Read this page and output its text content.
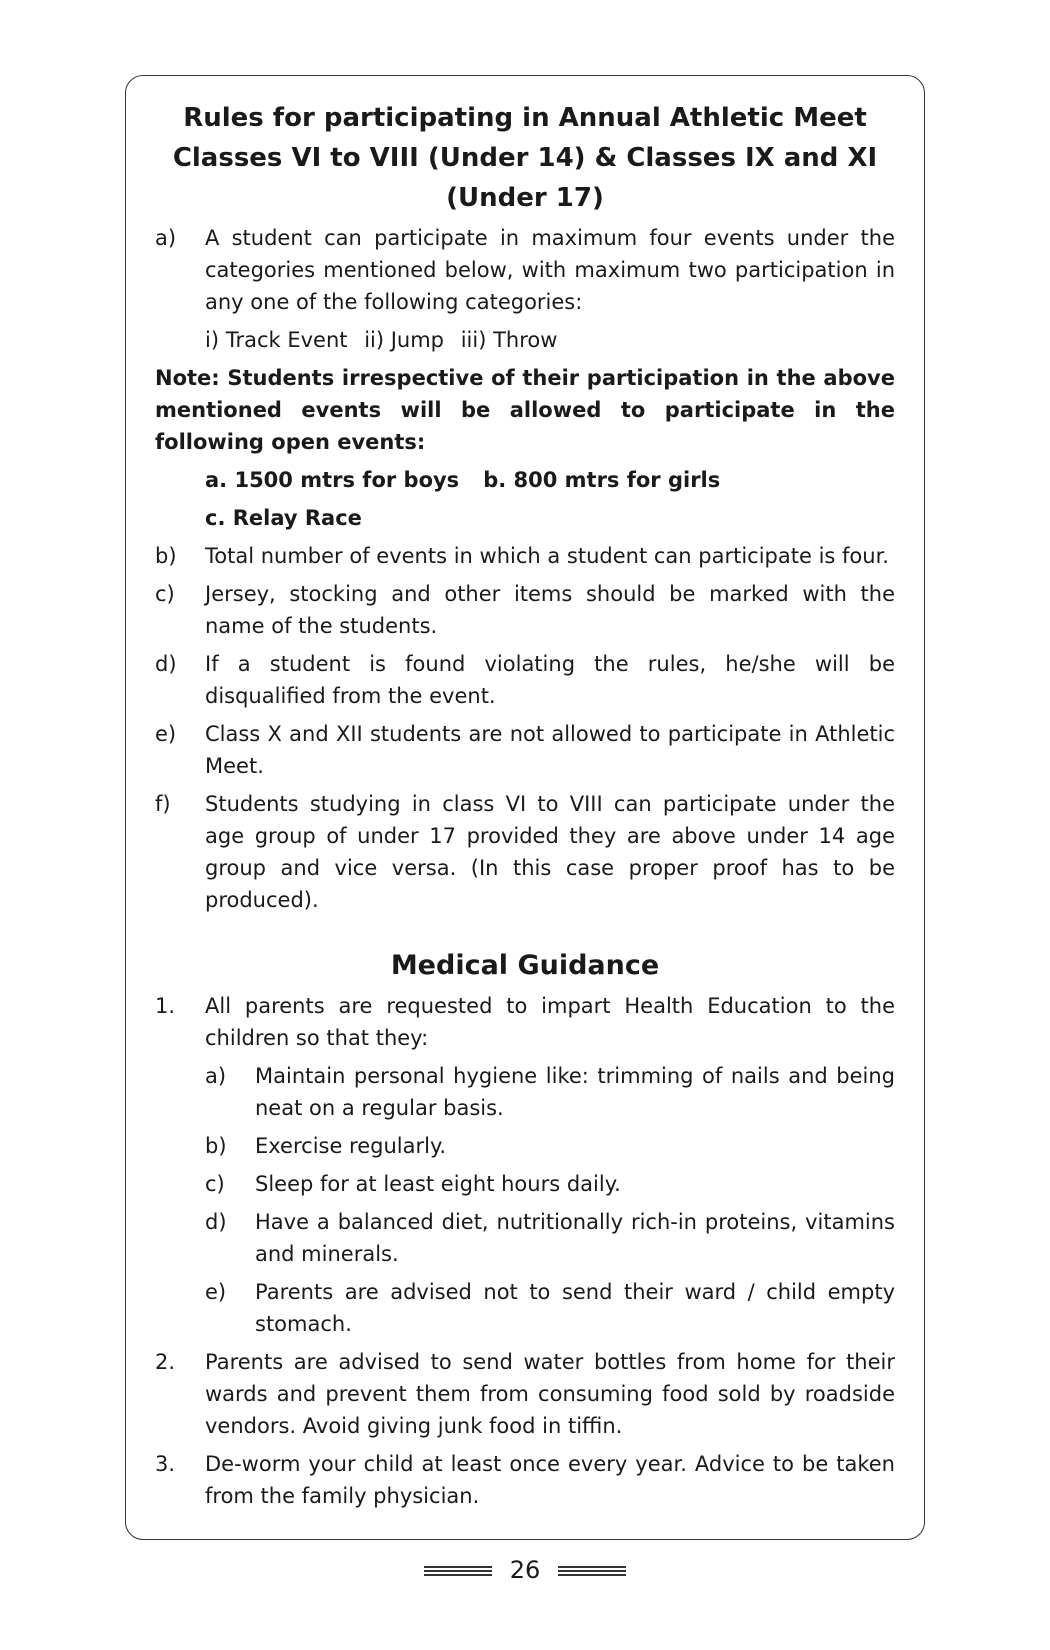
Rules for participating in Annual Athletic Meet
Classes VI to VIII (Under 14) & Classes IX and XI
(Under 17)
a)	A student can participate in maximum four events under the categories mentioned below, with maximum two participation in any one of the following categories:
i) Track Event ii) Jump iii) Throw
Note: Students irrespective of their participation in the above mentioned events will be allowed to participate in the following open events:
a. 1500 mtrs for boys b. 800 mtrs for girls
c. Relay Race
b)	Total number of events in which a student can participate is four.
c)	Jersey, stocking and other items should be marked with the name of the students.
d)	If a student is found violating the rules, he/she will be disqualified from the event.
e)	Class X and XII students are not allowed to participate in Athletic Meet.
f)	Students studying in class VI to VIII can participate under the age group of under 17 provided they are above under 14 age group and vice versa. (In this case proper proof has to be produced).
Medical Guidance
1.	All parents are requested to impart Health Education to the children so that they:
a)	Maintain personal hygiene like: trimming of nails and being neat on a regular basis.
b)	Exercise regularly.
c)	Sleep for at least eight hours daily.
d)	Have a balanced diet, nutritionally rich-in proteins, vitamins and minerals.
e)	Parents are advised not to send their ward / child empty stomach.
2.	Parents are advised to send water bottles from home for their wards and prevent them from consuming food sold by roadside vendors. Avoid giving junk food in tiffin.
3.	De-worm your child at least once every year. Advice to be taken from the family physician.
26
